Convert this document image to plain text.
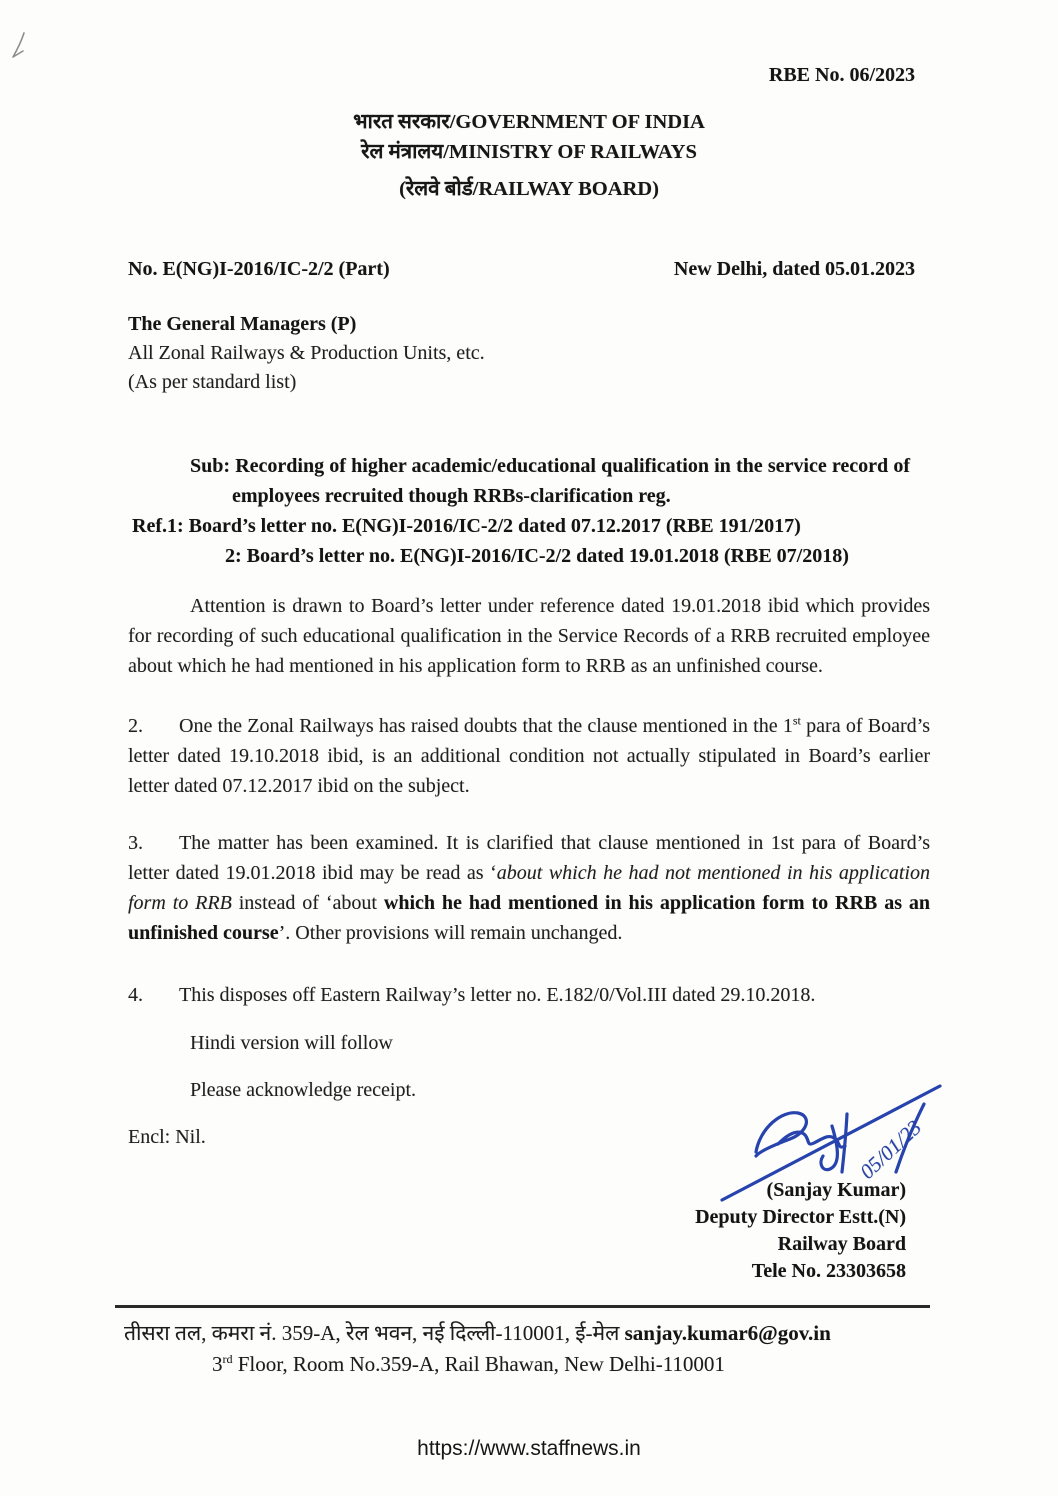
RBE No. 06/2023
भारत सरकार/GOVERNMENT OF INDIA
रेल मंत्रालय/MINISTRY OF RAILWAYS
(रेलवे बोर्ड/RAILWAY BOARD)
No. E(NG)I-2016/IC-2/2 (Part)	New Delhi, dated 05.01.2023
The General Managers (P)
All Zonal Railways & Production Units, etc.
(As per standard list)
Sub: Recording of higher academic/educational qualification in the service record of employees recruited though RRBs-clarification reg.
Ref.1: Board’s letter no. E(NG)I-2016/IC-2/2 dated 07.12.2017 (RBE 191/2017)
2: Board’s letter no. E(NG)I-2016/IC-2/2 dated 19.01.2018 (RBE 07/2018)

Attention is drawn to Board’s letter under reference dated 19.01.2018 ibid which provides for recording of such educational qualification in the Service Records of a RRB recruited employee about which he had mentioned in his application form to RRB as an unfinished course.

2. One the Zonal Railways has raised doubts that the clause mentioned in the 1st para of Board’s letter dated 19.10.2018 ibid, is an additional condition not actually stipulated in Board’s earlier letter dated 07.12.2017 ibid on the subject.

3. The matter has been examined. It is clarified that clause mentioned in 1st para of Board’s letter dated 19.01.2018 ibid may be read as ‘about which he had not mentioned in his application form to RRB instead of ‘about which he had mentioned in his application form to RRB as an unfinished course’. Other provisions will remain unchanged.

4. This disposes off Eastern Railway’s letter no. E.182/0/Vol.III dated 29.10.2018.

Hindi version will follow
Please acknowledge receipt.
Encl: Nil.
(Sanjay Kumar)
Deputy Director Estt.(N)
Railway Board
Tele No. 23303658
05/01/23
तीसरा तल, कमरा नं. 359-A, रेल भवन, नई दिल्ली-110001, ई-मेल sanjay.kumar6@gov.in
3rd Floor, Room No.359-A, Rail Bhawan, New Delhi-110001
https://www.staffnews.in
